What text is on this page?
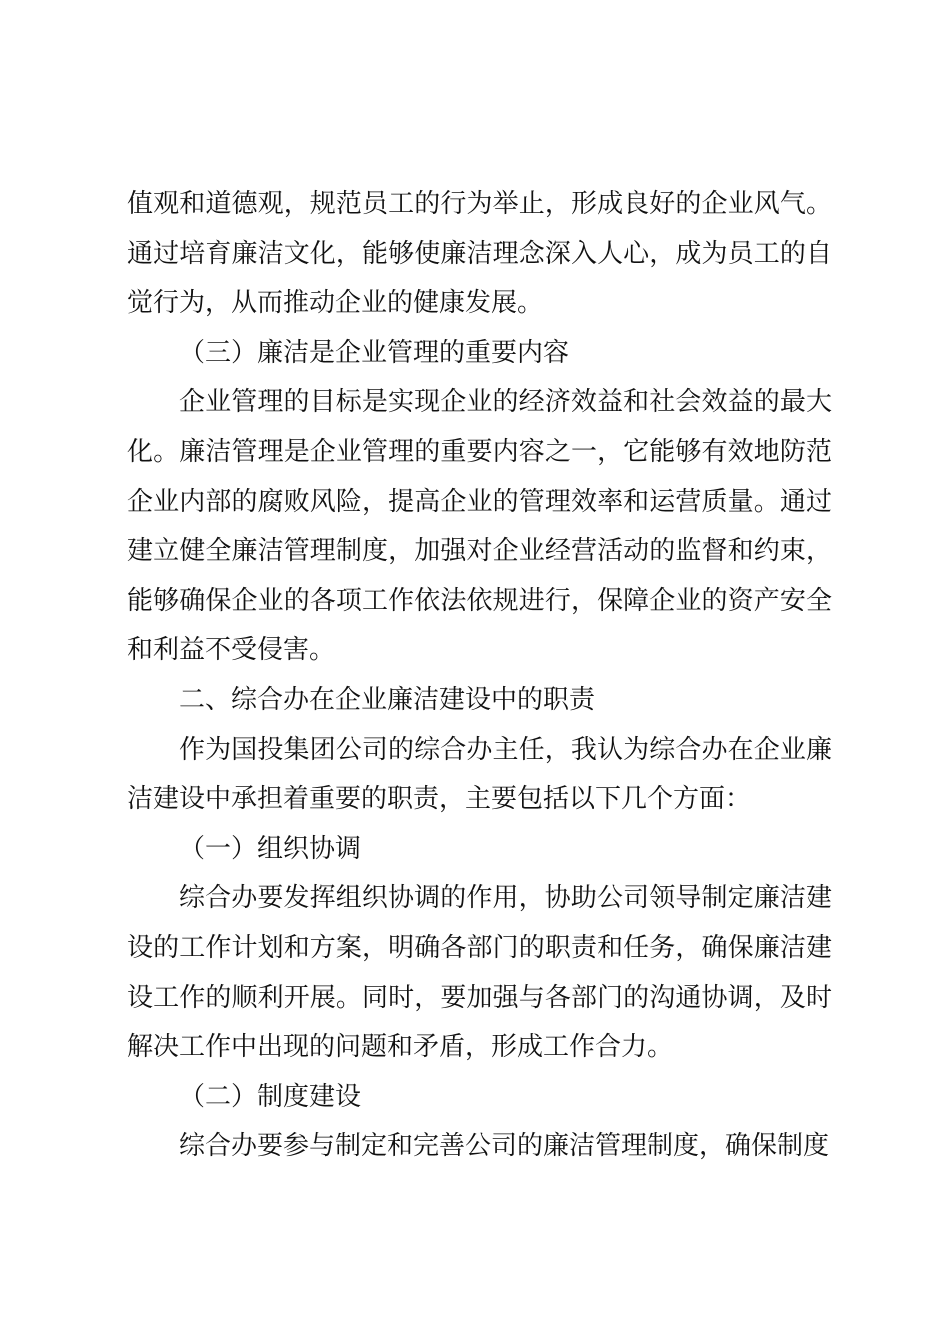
值观和道德观，规范员工的行为举止，形成良好的企业风气。通过培育廉洁文化，能够使廉洁理念深入人心，成为员工的自觉行为，从而推动企业的健康发展。

（三）廉洁是企业管理的重要内容

企业管理的目标是实现企业的经济效益和社会效益的最大化。廉洁管理是企业管理的重要内容之一，它能够有效地防范企业内部的腐败风险，提高企业的管理效率和运营质量。通过建立健全廉洁管理制度，加强对企业经营活动的监督和约束，能够确保企业的各项工作依法依规进行，保障企业的资产安全和利益不受侵害。

二、综合办在企业廉洁建设中的职责

作为国投集团公司的综合办主任，我认为综合办在企业廉洁建设中承担着重要的职责，主要包括以下几个方面：

（一）组织协调

综合办要发挥组织协调的作用，协助公司领导制定廉洁建设的工作计划和方案，明确各部门的职责和任务，确保廉洁建设工作的顺利开展。同时，要加强与各部门的沟通协调，及时解决工作中出现的问题和矛盾，形成工作合力。

（二）制度建设

综合办要参与制定和完善公司的廉洁管理制度，确保制度
